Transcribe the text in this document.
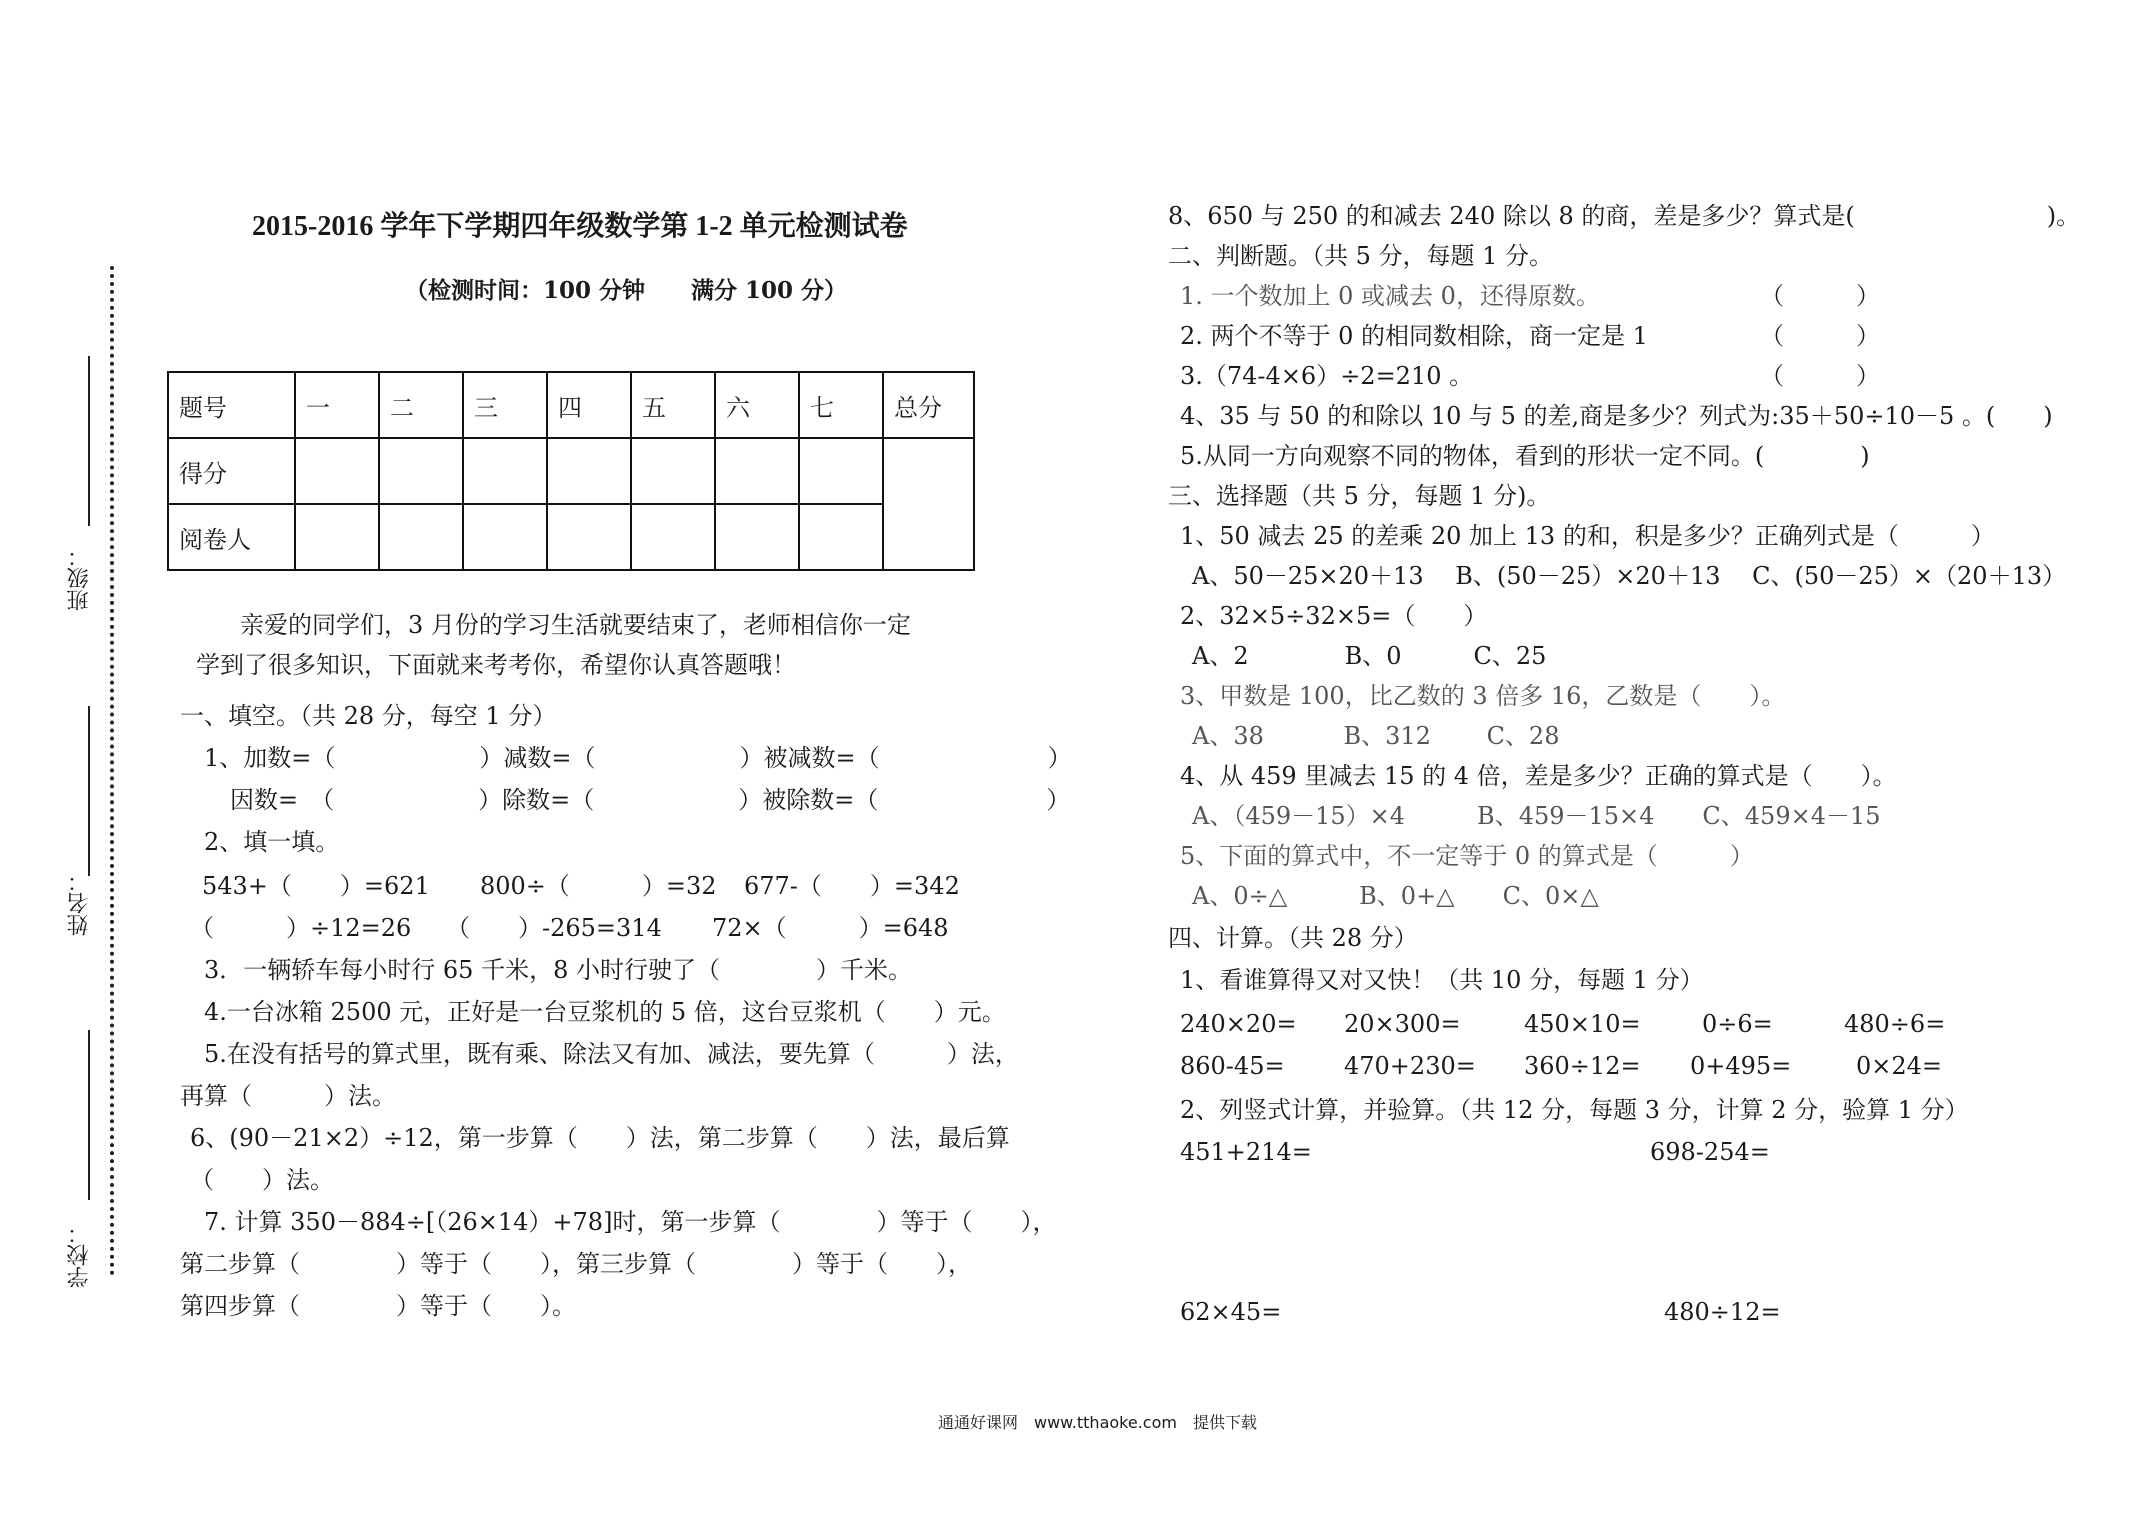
班级：
姓名：
学校：
2015-2016 学年下学期四年级数学第 1-2 单元检测试卷
（检测时间：100 分钟　　满分 100 分）
题号	一	二	三	四	五	六	七	总分
得分								
阅卷人								
亲爱的同学们，3 月份的学习生活就要结束了，老师相信你一定
学到了很多知识，下面就来考考你，希望你认真答题哦！
一、填空。（共 28 分，每空 1 分）
1、加数=（　　　　　　）减数=（　　　　　　）被减数=（　　　　　　　）
因数=　（　　　　　　）除数=（　　　　　　）被除数=（　　　　　　　）
2、填一填。
543+（　　）=621 800÷（　　　）=32 677-（　　）=342
（　　　）÷12=26 （　　）-265=314 72×（　　　）=648
3．一辆轿车每小时行 65 千米，8 小时行驶了（　　　　）千米。
4.一台冰箱 2500 元，正好是一台豆浆机的 5 倍，这台豆浆机（　　）元。
5.在没有括号的算式里，既有乘、除法又有加、减法，要先算（　　　）法，
再算（　　　）法。
6、(90－21×2）÷12，第一步算（　　）法，第二步算（　　）法，最后算
（　　）法。
7. 计算 350－884÷[（26×14）+78]时，第一步算（　　　　）等于（　　），
第二步算（　　　　）等于（　　），第三步算（　　　　）等于（　　），
第四步算（　　　　）等于（　　）。
8、650 与 250 的和减去 240 除以 8 的商，差是多少？算式是(　　　　　　　　)。
二、判断题。（共 5 分，每题 1 分。
1. 一个数加上 0 或减去 0，还得原数。	（　　　）
2. 两个不等于 0 的相同数相除，商一定是 1	（　　　）
3.（74-4×6）÷2=210 。	（　　　）
4、35 与 50 的和除以 10 与 5 的差,商是多少？列式为:35＋50÷10－5 。(　　)
5.从同一方向观察不同的物体，看到的形状一定不同。(　　　　)
三、选择题（共 5 分，每题 1 分)。
1、50 减去 25 的差乘 20 加上 13 的和，积是多少？正确列式是（　　　）
A、50－25×20＋13　 B、(50－25）×20＋13　 C、(50－25）×（20＋13）
2、32×5÷32×5=（　　）
A、2　　　　B、0　　　C、25
3、甲数是 100，比乙数的 3 倍多 16，乙数是（　　）。
A、38　　　 B、312　　 C、28
4、从 459 里减去 15 的 4 倍，差是多少？正确的算式是（　　）。
A、（459－15）×4　　　B、459－15×4　　C、459×4－15
5、下面的算式中，不一定等于 0 的算式是（　　　）
A、0÷△　　　B、0+△　　C、0×△
四、计算。（共 28 分）
1、看谁算得又对又快！（共 10 分，每题 1 分）
240×20= 20×300=	450×10=	0÷6=	480÷6=
860-45= 470+230= 360÷12= 0+495=	0×24=
2、列竖式计算，并验算。（共 12 分，每题 3 分，计算 2 分，验算 1 分）
451+214=	698-254=
62×45=	480÷12=
通通好课网　www.tthaoke.com　提供下载
